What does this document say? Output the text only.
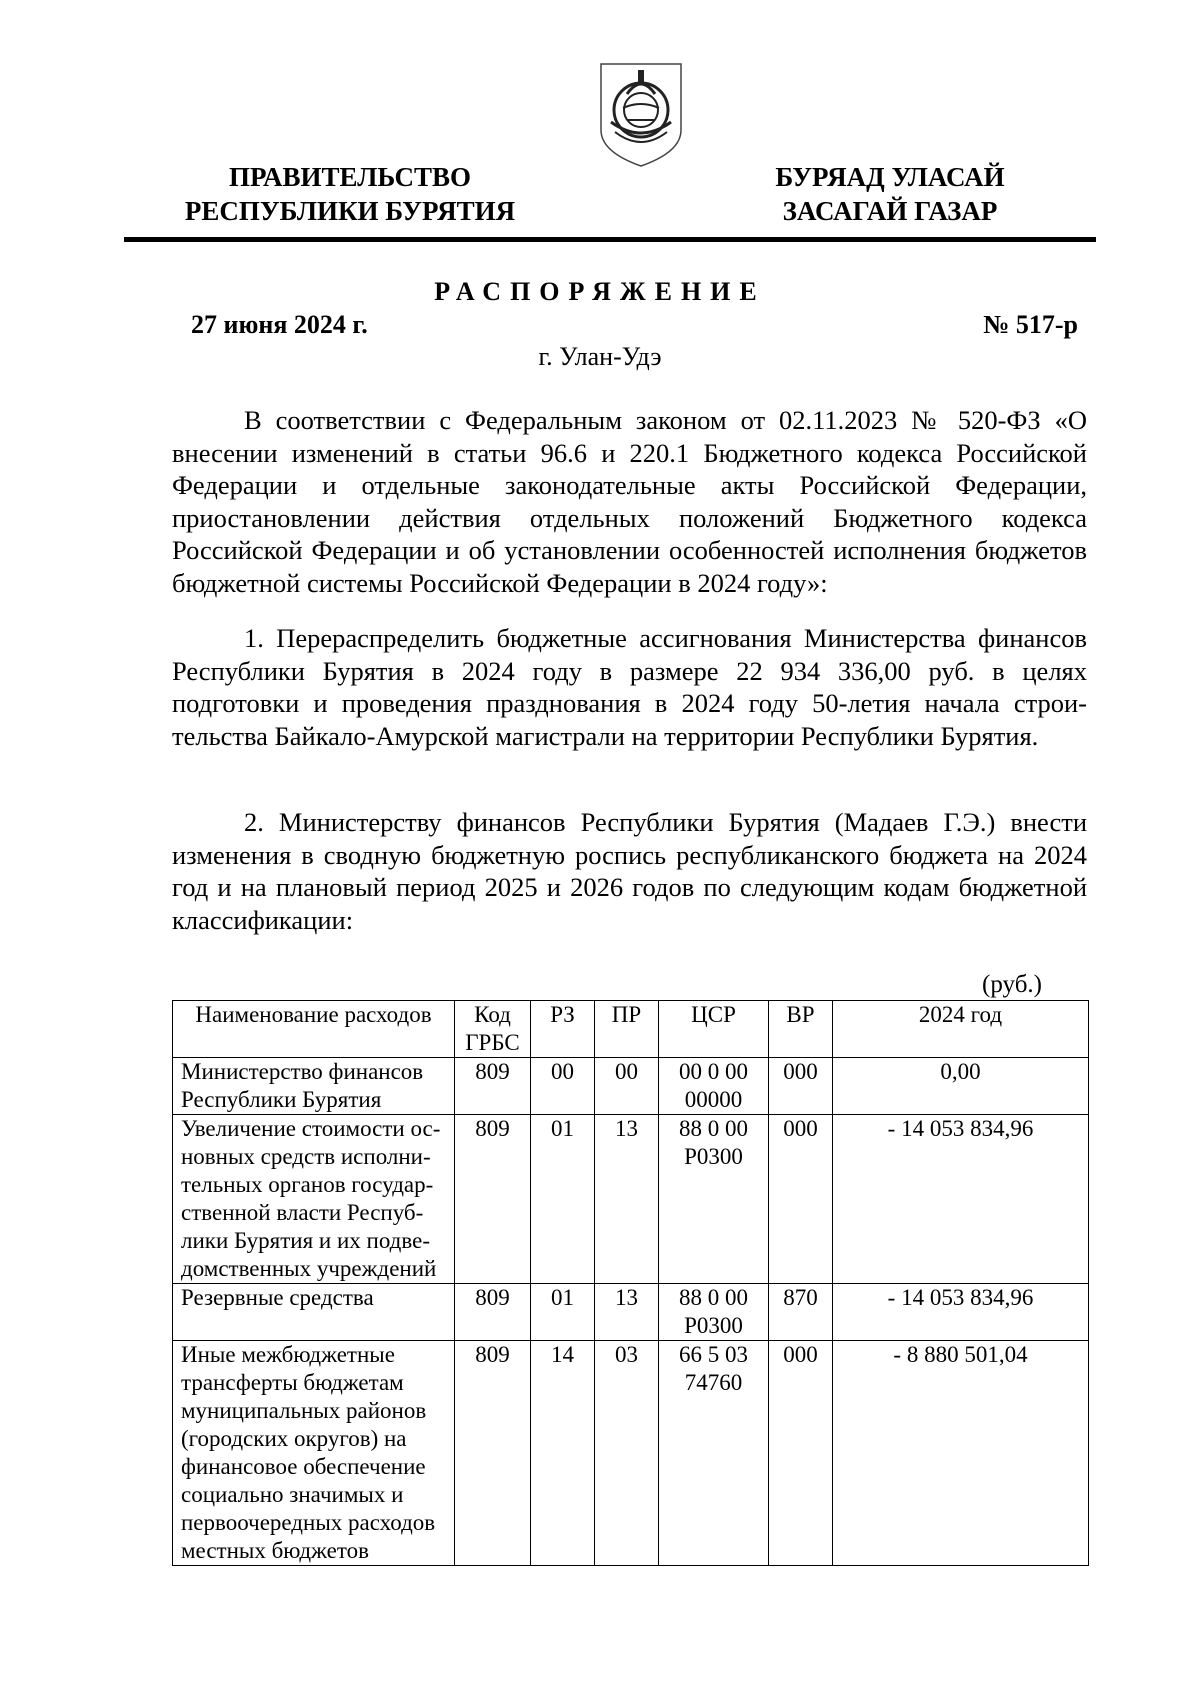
ПРАВИТЕЛЬСТВО
РЕСПУБЛИКИ БУРЯТИЯ
БУРЯАД УЛАСАЙ
ЗАСАГАЙ ГАЗАР
РАСПОРЯЖЕНИЕ
27 июня 2024 г.	№ 517-р
г. Улан-Удэ
В соответствии с Федеральным законом от 02.11.2023 № 520-ФЗ «О внесении изменений в статьи 96.6 и 220.1 Бюджетного кодекса Российской Федерации и отдельные законодательные акты Российской Федерации, приостановлении действия отдельных положений Бюджетного кодекса Российской Федерации и об установлении особенностей исполнения бюджетов бюджетной системы Российской Федерации в 2024 году»:
1. Перераспределить бюджетные ассигнования Министерства финансов Республики Бурятия в 2024 году в размере 22 934 336,00 руб. в целях подготовки и проведения празднования в 2024 году 50-летия начала строительства Байкало-Амурской магистрали на территории Республики Бурятия.
2. Министерству финансов Республики Бурятия (Мадаев Г.Э.) внести изменения в сводную бюджетную роспись республиканского бюджета на 2024 год и на плановый период 2025 и 2026 годов по следующим кодам бюджетной классификации:
(руб.)
Наименование расходов	Код ГРБС	РЗ	ПР	ЦСР	ВР	2024 год
Министерство финансов Республики Бурятия	809	00	00	00 0 00 00000	000	0,00
Увеличение стоимости основных средств исполнительных органов государственной власти Республики Бурятия и их подведомственных учреждений	809	01	13	88 0 00 P0300	000	- 14 053 834,96
Резервные средства	809	01	13	88 0 00 P0300	870	- 14 053 834,96
Иные межбюджетные трансферты бюджетам муниципальных районов (городских округов) на финансовое обеспечение социально значимых и первоочередных расходов местных бюджетов	809	14	03	66 5 03 74760	000	- 8 880 501,04
